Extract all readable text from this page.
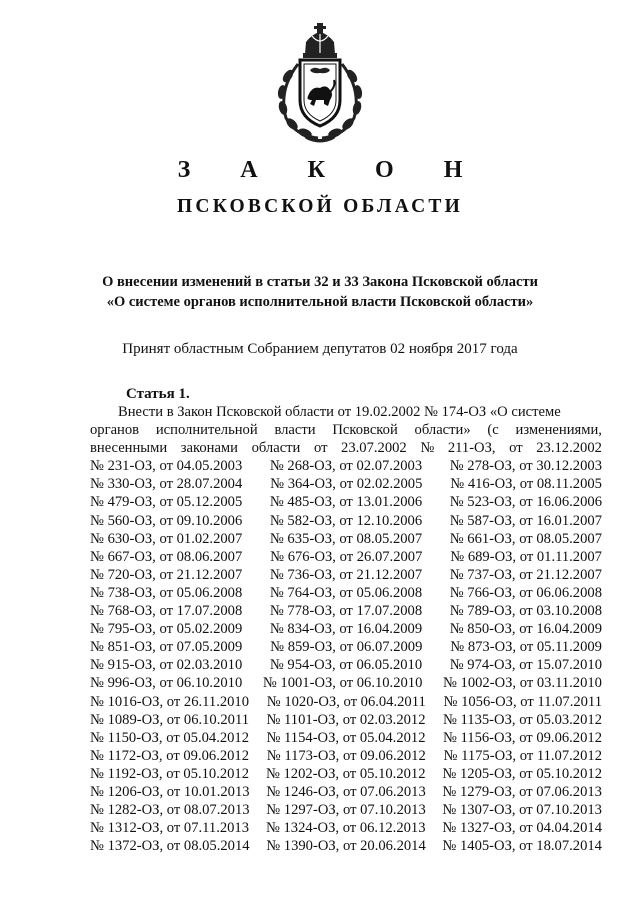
З А К О Н
ПСКОВСКОЙ ОБЛАСТИ
О внесении изменений в статьи 32 и 33 Закона Псковской области
«О системе органов исполнительной власти Псковской области»
Принят областным Собранием депутатов 02 ноября 2017 года
Статья 1.
Внести в Закон Псковской области от 19.02.2002 № 174-ОЗ «О системе
органов исполнительной власти Псковской области» (с изменениями,
внесенными законами области от 23.07.2002 № 211-ОЗ, от 23.12.2002
№ 231-ОЗ, от 04.05.2003 № 268-ОЗ, от 02.07.2003 № 278-ОЗ, от 30.12.2003
№ 330-ОЗ, от 28.07.2004 № 364-ОЗ, от 02.02.2005 № 416-ОЗ, от 08.11.2005
№ 479-ОЗ, от 05.12.2005 № 485-ОЗ, от 13.01.2006 № 523-ОЗ, от 16.06.2006
№ 560-ОЗ, от 09.10.2006 № 582-ОЗ, от 12.10.2006 № 587-ОЗ, от 16.01.2007
№ 630-ОЗ, от 01.02.2007 № 635-ОЗ, от 08.05.2007 № 661-ОЗ, от 08.05.2007
№ 667-ОЗ, от 08.06.2007 № 676-ОЗ, от 26.07.2007 № 689-ОЗ, от 01.11.2007
№ 720-ОЗ, от 21.12.2007 № 736-ОЗ, от 21.12.2007 № 737-ОЗ, от 21.12.2007
№ 738-ОЗ, от 05.06.2008 № 764-ОЗ, от 05.06.2008 № 766-ОЗ, от 06.06.2008
№ 768-ОЗ, от 17.07.2008 № 778-ОЗ, от 17.07.2008 № 789-ОЗ, от 03.10.2008
№ 795-ОЗ, от 05.02.2009 № 834-ОЗ, от 16.04.2009 № 850-ОЗ, от 16.04.2009
№ 851-ОЗ, от 07.05.2009 № 859-ОЗ, от 06.07.2009 № 873-ОЗ, от 05.11.2009
№ 915-ОЗ, от 02.03.2010 № 954-ОЗ, от 06.05.2010 № 974-ОЗ, от 15.07.2010
№ 996-ОЗ, от 06.10.2010 № 1001-ОЗ, от 06.10.2010 № 1002-ОЗ, от 03.11.2010
№ 1016-ОЗ, от 26.11.2010 № 1020-ОЗ, от 06.04.2011 № 1056-ОЗ, от 11.07.2011
№ 1089-ОЗ, от 06.10.2011 № 1101-ОЗ, от 02.03.2012 № 1135-ОЗ, от 05.03.2012
№ 1150-ОЗ, от 05.04.2012 № 1154-ОЗ, от 05.04.2012 № 1156-ОЗ, от 09.06.2012
№ 1172-ОЗ, от 09.06.2012 № 1173-ОЗ, от 09.06.2012 № 1175-ОЗ, от 11.07.2012
№ 1192-ОЗ, от 05.10.2012 № 1202-ОЗ, от 05.10.2012 № 1205-ОЗ, от 05.10.2012
№ 1206-ОЗ, от 10.01.2013 № 1246-ОЗ, от 07.06.2013 № 1279-ОЗ, от 07.06.2013
№ 1282-ОЗ, от 08.07.2013 № 1297-ОЗ, от 07.10.2013 № 1307-ОЗ, от 07.10.2013
№ 1312-ОЗ, от 07.11.2013 № 1324-ОЗ, от 06.12.2013 № 1327-ОЗ, от 04.04.2014
№ 1372-ОЗ, от 08.05.2014 № 1390-ОЗ, от 20.06.2014 № 1405-ОЗ, от 18.07.2014
